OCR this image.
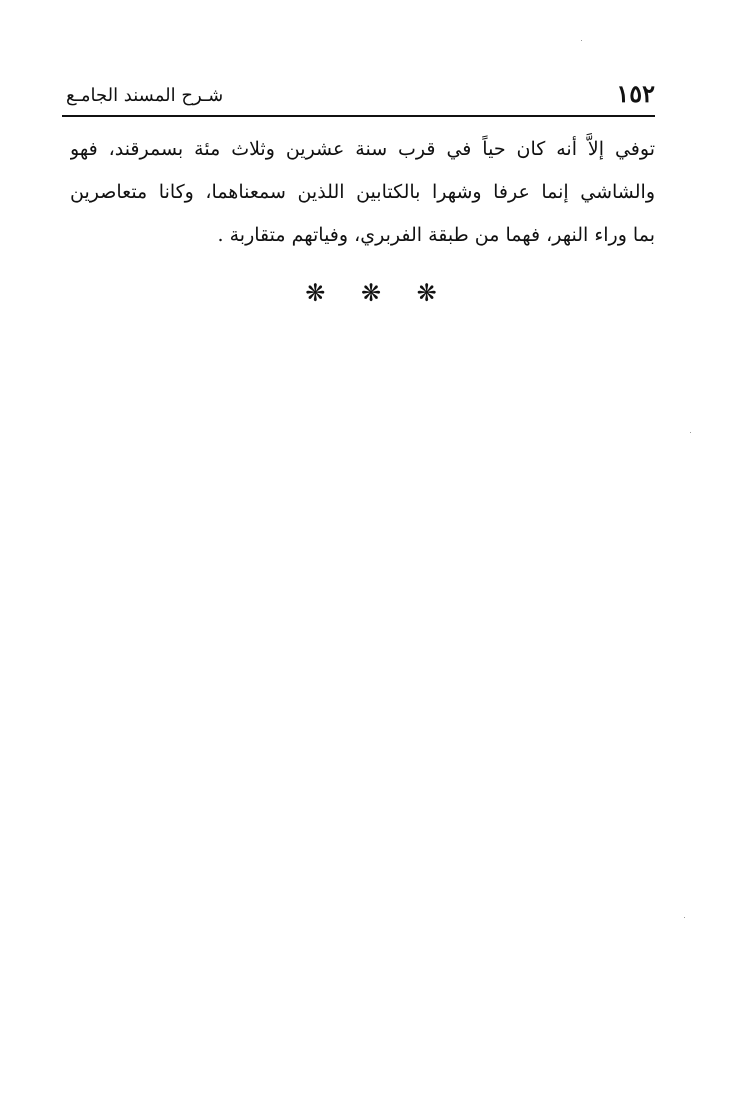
١٥٢
شـرح المسند الجامـع
توفي إلاَّ أنه كان حياً في قرب سنة عشرين وثلاث مئة بسمرقند، فهو
والشاشي إنما عرفا وشهرا بالكتابين اللذين سمعناهما، وكانا متعاصرين
بما وراء النهر، فهما من طبقة الفربري، وفياتهم متقاربة .
❋ ❋ ❋
